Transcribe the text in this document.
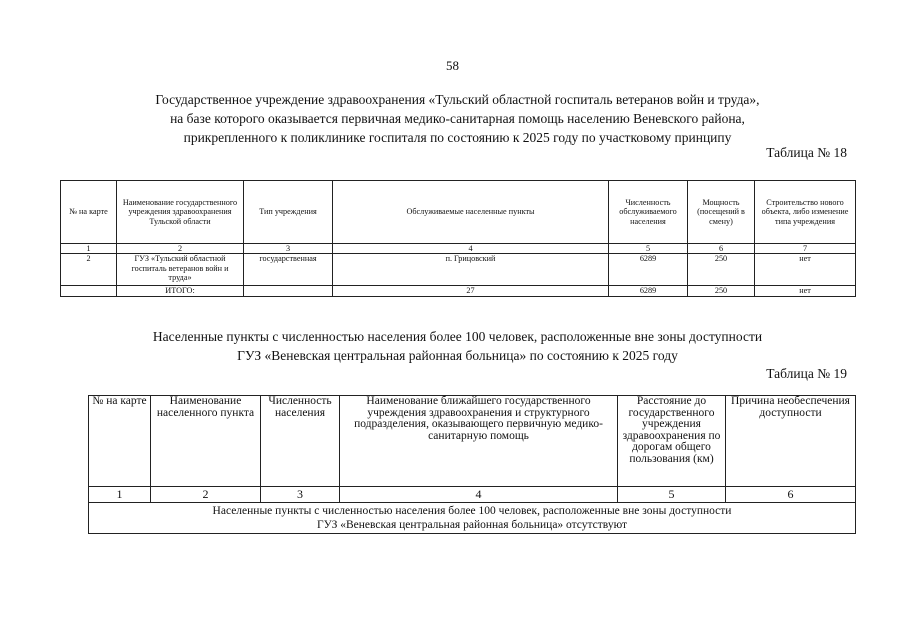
58
Государственное учреждение здравоохранения «Тульский областной госпиталь ветеранов войн и труда»,
на базе которого оказывается первичная медико-санитарная помощь населению Веневского района,
прикрепленного к поликлинике госпиталя по состоянию к 2025 году по участковому принципу
Таблица № 18
№ на карте	Наименование государственного учреждения здравоохранения Тульской области	Тип учреждения	Обслуживаемые населенные пункты	Численность обслуживаемого населения	Мощность (посещений в смену)	Строительство нового объекта, либо изменение типа учреждения
1	2	3	4	5	6	7
2	ГУЗ «Тульский областной госпиталь ветеранов войн и труда»	государственная	п. Грицовский	6289	250	нет
	ИТОГО:		27	6289	250	нет
Населенные пункты с численностью населения более 100 человек, расположенные вне зоны доступности
ГУЗ «Веневская центральная районная больница» по состоянию к 2025 году
Таблица № 19
№ на карте	Наименование населенного пункта	Численность населения	Наименование ближайшего государственного учреждения здравоохранения и структурного подразделения, оказывающего первичную медико-санитарную помощь	Расстояние до государственного учреждения здравоохранения по дорогам общего пользования (км)	Причина необеспечения доступности
1	2	3	4	5	6

Населенные пункты с численностью населения более 100 человек, расположенные вне зоны доступности
ГУЗ «Веневская центральная районная больница» отсутствуют					
